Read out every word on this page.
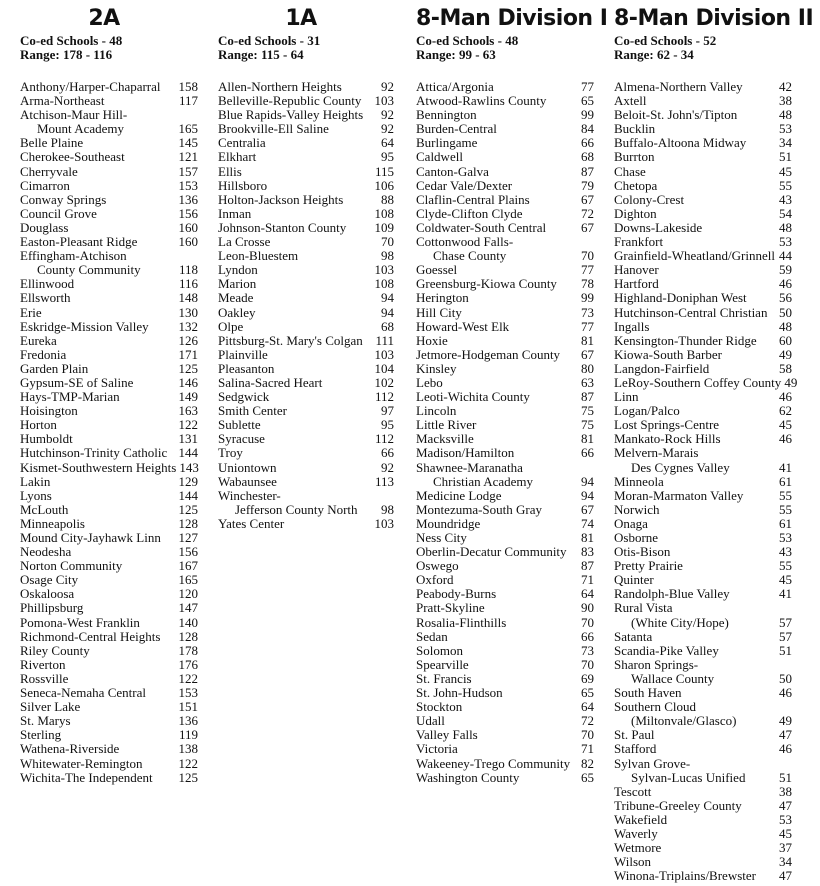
2A
Co-ed Schools - 48
Range: 178 - 116
Anthony/Harper-Chaparral 158
Arma-Northeast	117
Atchison-Maur Hill-
Mount Academy	165
Belle Plaine	145
Cherokee-Southeast	121
Cherryvale	157
Cimarron	153
Conway Springs	136
Council Grove	156
Douglass	160
Easton-Pleasant Ridge	160
Effingham-Atchison
County Community	118
Ellinwood	116
Ellsworth	148
Erie	130
Eskridge-Mission Valley 132
Eureka	126
Fredonia	171
Garden Plain	125
Gypsum-SE of Saline	146
Hays-TMP-Marian	149
Hoisington	163
Horton	122
Humboldt	131
Hutchinson-Trinity Catholic 144
Kismet-Southwestern Heights 143
Lakin	129
Lyons	144
McLouth	125
Minneapolis	128
Mound City-Jayhawk Linn 127
Neodesha	156
Norton Community	167
Osage City	165
Oskaloosa	120
Phillipsburg	147
Pomona-West Franklin	140
Richmond-Central Heights 128
Riley County	178
Riverton	176
Rossville	122
Seneca-Nemaha Central	153
Silver Lake	151
St. Marys	136
Sterling	119
Wathena-Riverside	138
Whitewater-Remington	122
Wichita-The Independent 125
1A
Co-ed Schools - 31
Range: 115 - 64
Allen-Northern Heights	92
Belleville-Republic County 103
Blue Rapids-Valley Heights 92
Brookville-Ell Saline	92
Centralia	64
Elkhart	95
Ellis	115
Hillsboro	106
Holton-Jackson Heights	88
Inman	108
Johnson-Stanton County 109
La Crosse	70
Leon-Bluestem	98
Lyndon	103
Marion	108
Meade	94
Oakley	94
Olpe	68
Pittsburg-St. Mary's Colgan 111
Plainville	103
Pleasanton	104
Salina-Sacred Heart	102
Sedgwick	112
Smith Center	97
Sublette	95
Syracuse	112
Troy	66
Uniontown	92
Wabaunsee	113
Winchester-
Jefferson County North 98
Yates Center	103
8-Man Division I
Co-ed Schools - 48
Range: 99 - 63
Attica/Argonia	77
Atwood-Rawlins County	65
Bennington	99
Burden-Central	84
Burlingame	66
Caldwell	68
Canton-Galva	87
Cedar Vale/Dexter	79
Claflin-Central Plains	67
Clyde-Clifton Clyde	72
Coldwater-South Central	67
Cottonwood Falls-
Chase County	70
Goessel	77
Greensburg-Kiowa County 78
Herington	99
Hill City	73
Howard-West Elk	77
Hoxie	81
Jetmore-Hodgeman County 67
Kinsley	80
Lebo	63
Leoti-Wichita County	87
Lincoln	75
Little River	75
Macksville	81
Madison/Hamilton	66
Shawnee-Maranatha
Christian Academy	94
Medicine Lodge	94
Montezuma-South Gray	67
Moundridge	74
Ness City	81
Oberlin-Decatur Community 83
Oswego	87
Oxford	71
Peabody-Burns	64
Pratt-Skyline	90
Rosalia-Flinthills	70
Sedan	66
Solomon	73
Spearville	70
St. Francis	69
St. John-Hudson	65
Stockton	64
Udall	72
Valley Falls	70
Victoria	71
Wakeeney-Trego Community 82
Washington County	65
8-Man Division II
Co-ed Schools - 52
Range: 62 - 34
Almena-Northern Valley	42
Axtell	38
Beloit-St. John's/Tipton	48
Bucklin	53
Buffalo-Altoona Midway	34
Burrton	51
Chase	45
Chetopa	55
Colony-Crest	43
Dighton	54
Downs-Lakeside	48
Frankfort	53
Grainfield-Wheatland/Grinnell 44
Hanover	59
Hartford	46
Highland-Doniphan West 56
Hutchinson-Central Christian 50
Ingalls	48
Kensington-Thunder Ridge 60
Kiowa-South Barber	49
Langdon-Fairfield	58
LeRoy-Southern Coffey County 49
Linn	46
Logan/Palco	62
Lost Springs-Centre	45
Mankato-Rock Hills	46
Melvern-Marais
Des Cygnes Valley	41
Minneola	61
Moran-Marmaton Valley	55
Norwich	55
Onaga	61
Osborne	53
Otis-Bison	43
Pretty Prairie	55
Quinter	45
Randolph-Blue Valley	41
Rural Vista
(White City/Hope)	57
Satanta	57
Scandia-Pike Valley	51
Sharon Springs-
Wallace County	50
South Haven	46
Southern Cloud
(Miltonvale/Glasco)	49
St. Paul	47
Stafford	46
Sylvan Grove-
Sylvan-Lucas Unified	51
Tescott	38
Tribune-Greeley County	47
Wakefield	53
Waverly	45
Wetmore	37
Wilson	34
Winona-Triplains/Brewster 47
